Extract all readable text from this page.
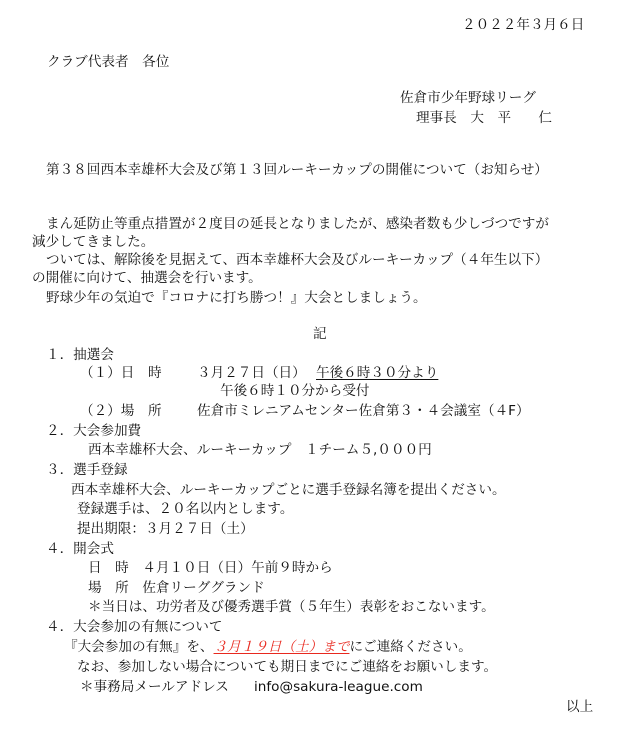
２０２２年３月６日
クラブ代表者　各位
佐倉市少年野球リーグ
理事長　大　平　　仁
第３８回西本幸雄杯大会及び第１３回ルーキーカップの開催について（お知らせ）
まん延防止等重点措置が２度目の延長となりましたが、感染者数も少しづつですが
減少してきました。
ついては、解除後を見据えて、西本幸雄杯大会及びルーキーカップ（４年生以下）
の開催に向けて、抽選会を行います。
野球少年の気迫で『コロナに打ち勝つ！』大会としましょう。
記
１．抽選会
（１）日　時	３月２７日（日） 午後６時３０分より
午後６時１０分から受付
（２）場　所	佐倉市ミレニアムセンター佐倉第３・４会議室（４F）
２．大会参加費
西本幸雄杯大会、ルーキーカップ　１チーム５,０００円
３．選手登録
西本幸雄杯大会、ルーキーカップごとに選手登録名簿を提出ください。
登録選手は、２０名以内とします。
提出期限：３月２７日（土）
４．開会式
日　時　４月１０日（日）午前９時から
場　所　佐倉リーググランド
＊当日は、功労者及び優秀選手賞（５年生）表彰をおこないます。
４．大会参加の有無について
『大会参加の有無』を、３月１９日（土）までにご連絡ください。
なお、参加しない場合についても期日までにご連絡をお願いします。
＊事務局メールアドレス info@sakura-league.com
以上
